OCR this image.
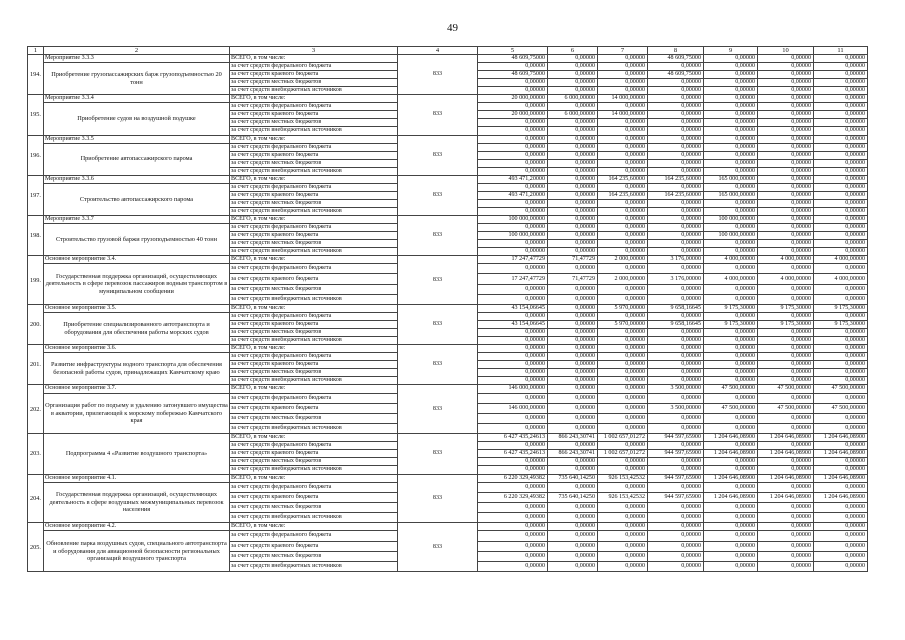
49
1	2	3	4	5	6	7	8	9	10	11
194.	Мероприятие 3.3.3	ВСЕГО, в том числе:	833	48 609,75000	0,00000	0,00000	48 609,75000	0,00000	0,00000	0,00000
	Приобретение грузопассажирских барж грузоподъемностью 20 тонн	за счет средств федерального бюджета		0,00000	0,00000	0,00000	0,00000	0,00000	0,00000	0,00000
		за счет средств краевого бюджета		48 609,75000	0,00000	0,00000	48 609,75000	0,00000	0,00000	0,00000
		за счет средств местных бюджетов		0,00000	0,00000	0,00000	0,00000	0,00000	0,00000	0,00000
		за счет средств внебюджетных источников		0,00000	0,00000	0,00000	0,00000	0,00000	0,00000	0,00000
195.	Мероприятие 3.3.4	ВСЕГО, в том числе:	833	20 000,00000	6 000,00000	14 000,00000	0,00000	0,00000	0,00000	0,00000
	Приобретение судов на воздушной подушке	за счет средств федерального бюджета		0,00000	0,00000	0,00000	0,00000	0,00000	0,00000	0,00000
		за счет средств краевого бюджета		20 000,00000	6 000,00000	14 000,00000	0,00000	0,00000	0,00000	0,00000
		за счет средств местных бюджетов		0,00000	0,00000	0,00000	0,00000	0,00000	0,00000	0,00000
		за счет средств внебюджетных источников		0,00000	0,00000	0,00000	0,00000	0,00000	0,00000	0,00000
196.	Мероприятие 3.3.5	ВСЕГО, в том числе:	833	0,00000	0,00000	0,00000	0,00000	0,00000	0,00000	0,00000
	Приобретение автопассажирского парома	за счет средств федерального бюджета		0,00000	0,00000	0,00000	0,00000	0,00000	0,00000	0,00000
		за счет средств краевого бюджета		0,00000	0,00000	0,00000	0,00000	0,00000	0,00000	0,00000
		за счет средств местных бюджетов		0,00000	0,00000	0,00000	0,00000	0,00000	0,00000	0,00000
		за счет средств внебюджетных источников		0,00000	0,00000	0,00000	0,00000	0,00000	0,00000	0,00000
197.	Мероприятие 3.3.6	ВСЕГО, в том числе:	833	493 471,20000	0,00000	164 235,60000	164 235,60000	165 000,00000	0,00000	0,00000
	Строительство автопассажирского парома	за счет средств федерального бюджета		0,00000	0,00000	0,00000	0,00000	0,00000	0,00000	0,00000
		за счет средств краевого бюджета		493 471,20000	0,00000	164 235,60000	164 235,60000	165 000,00000	0,00000	0,00000
		за счет средств местных бюджетов		0,00000	0,00000	0,00000	0,00000	0,00000	0,00000	0,00000
		за счет средств внебюджетных источников		0,00000	0,00000	0,00000	0,00000	0,00000	0,00000	0,00000
198.	Мероприятие 3.3.7	ВСЕГО, в том числе:	833	100 000,00000	0,00000	0,00000	0,00000	100 000,00000	0,00000	0,00000
	Строительство грузовой баржи грузоподъемностью 40 тонн	за счет средств федерального бюджета		0,00000	0,00000	0,00000	0,00000	0,00000	0,00000	0,00000
		за счет средств краевого бюджета		100 000,00000	0,00000	0,00000	0,00000	100 000,00000	0,00000	0,00000
		за счет средств местных бюджетов		0,00000	0,00000	0,00000	0,00000	0,00000	0,00000	0,00000
		за счет средств внебюджетных источников		0,00000	0,00000	0,00000	0,00000	0,00000	0,00000	0,00000
199.	Основное мероприятие 3.4.	ВСЕГО, в том числе:	833	17 247,47729	71,47729	2 000,00000	3 176,00000	4 000,00000	4 000,00000	4 000,00000
	Государственная поддержка организаций, осуществляющих деятельность в сфере перевозок пассажиров водным транспортом в муниципальном сообщении	за счет средств федерального бюджета		0,00000	0,00000	0,00000	0,00000	0,00000	0,00000	0,00000
		за счет средств краевого бюджета		17 247,47729	71,47729	2 000,00000	3 176,00000	4 000,00000	4 000,00000	4 000,00000
		за счет средств местных бюджетов		0,00000	0,00000	0,00000	0,00000	0,00000	0,00000	0,00000
		за счет средств внебюджетных источников		0,00000	0,00000	0,00000	0,00000	0,00000	0,00000	0,00000
200.	Основное мероприятие 3.5.	ВСЕГО, в том числе:	833	43 154,06645	0,00000	5 970,00000	9 658,16645	9 175,30000	9 175,30000	9 175,30000
	Приобретение специализированного автотранспорта и оборудования для обеспечения работы морских судов	за счет средств федерального бюджета		0,00000	0,00000	0,00000	0,00000	0,00000	0,00000	0,00000
		за счет средств краевого бюджета		43 154,06645	0,00000	5 970,00000	9 658,16645	9 175,30000	9 175,30000	9 175,30000
		за счет средств местных бюджетов		0,00000	0,00000	0,00000	0,00000	0,00000	0,00000	0,00000
		за счет средств внебюджетных источников		0,00000	0,00000	0,00000	0,00000	0,00000	0,00000	0,00000
201.	Основное мероприятие 3.6.	ВСЕГО, в том числе:	833	0,00000	0,00000	0,00000	0,00000	0,00000	0,00000	0,00000
	Развитие инфраструктуры водного транспорта для обеспечения безопасной работы судов, принадлежащих Камчатскому краю	за счет средств федерального бюджета		0,00000	0,00000	0,00000	0,00000	0,00000	0,00000	0,00000
		за счет средств краевого бюджета		0,00000	0,00000	0,00000	0,00000	0,00000	0,00000	0,00000
		за счет средств местных бюджетов		0,00000	0,00000	0,00000	0,00000	0,00000	0,00000	0,00000
		за счет средств внебюджетных источников		0,00000	0,00000	0,00000	0,00000	0,00000	0,00000	0,00000
202.	Основное мероприятие 3.7.	ВСЕГО, в том числе:	833	146 000,00000	0,00000	0,00000	3 500,00000	47 500,00000	47 500,00000	47 500,00000
	Организация работ по подъему и удалению затонувшего имущества в акватории, прилегающей к морскому побережью Камчатского края	за счет средств федерального бюджета		0,00000	0,00000	0,00000	0,00000	0,00000	0,00000	0,00000
		за счет средств краевого бюджета		146 000,00000	0,00000	0,00000	3 500,00000	47 500,00000	47 500,00000	47 500,00000
		за счет средств местных бюджетов		0,00000	0,00000	0,00000	0,00000	0,00000	0,00000	0,00000
		за счет средств внебюджетных источников		0,00000	0,00000	0,00000	0,00000	0,00000	0,00000	0,00000
203.	Подпрограмма 4 «Развитие воздушного транспорта»	ВСЕГО, в том числе:	833	6 427 435,24613	866 243,30741	1 002 657,01272	944 597,65900	1 204 646,08900	1 204 646,08900	1 204 646,08900
		за счет средств федерального бюджета		0,00000	0,00000	0,00000	0,00000	0,00000	0,00000	0,00000
		за счет средств краевого бюджета		6 427 435,24613	866 243,30741	1 002 657,01272	944 597,65900	1 204 646,08900	1 204 646,08900	1 204 646,08900
		за счет средств местных бюджетов		0,00000	0,00000	0,00000	0,00000	0,00000	0,00000	0,00000
		за счет средств внебюджетных источников		0,00000	0,00000	0,00000	0,00000	0,00000	0,00000	0,00000
204.	Основное мероприятие 4.1.	ВСЕГО, в том числе:	833	6 220 329,49382	735 640,14250	926 153,42532	944 597,65900	1 204 646,08900	1 204 646,08900	1 204 646,08900
	Государственная поддержка организаций, осуществляющих деятельность в сфере воздушных межмуниципальных перевозок населения	за счет средств федерального бюджета		0,00000	0,00000	0,00000	0,00000	0,00000	0,00000	0,00000
		за счет средств краевого бюджета		6 220 329,49382	735 640,14250	926 153,42532	944 597,65900	1 204 646,08900	1 204 646,08900	1 204 646,08900
		за счет средств местных бюджетов		0,00000	0,00000	0,00000	0,00000	0,00000	0,00000	0,00000
		за счет средств внебюджетных источников		0,00000	0,00000	0,00000	0,00000	0,00000	0,00000	0,00000
205.	Основное мероприятие 4.2.	ВСЕГО, в том числе:	833	0,00000	0,00000	0,00000	0,00000	0,00000	0,00000	0,00000
	Обновление парка воздушных судов, специального автотранспорта и оборудования для авиационной безопасности региональных организаций воздушного транспорта	за счет средств федерального бюджета		0,00000	0,00000	0,00000	0,00000	0,00000	0,00000	0,00000
		за счет средств краевого бюджета		0,00000	0,00000	0,00000	0,00000	0,00000	0,00000	0,00000
		за счет средств местных бюджетов		0,00000	0,00000	0,00000	0,00000	0,00000	0,00000	0,00000
		за счет средств внебюджетных источников		0,00000	0,00000	0,00000	0,00000	0,00000	0,00000	0,00000
